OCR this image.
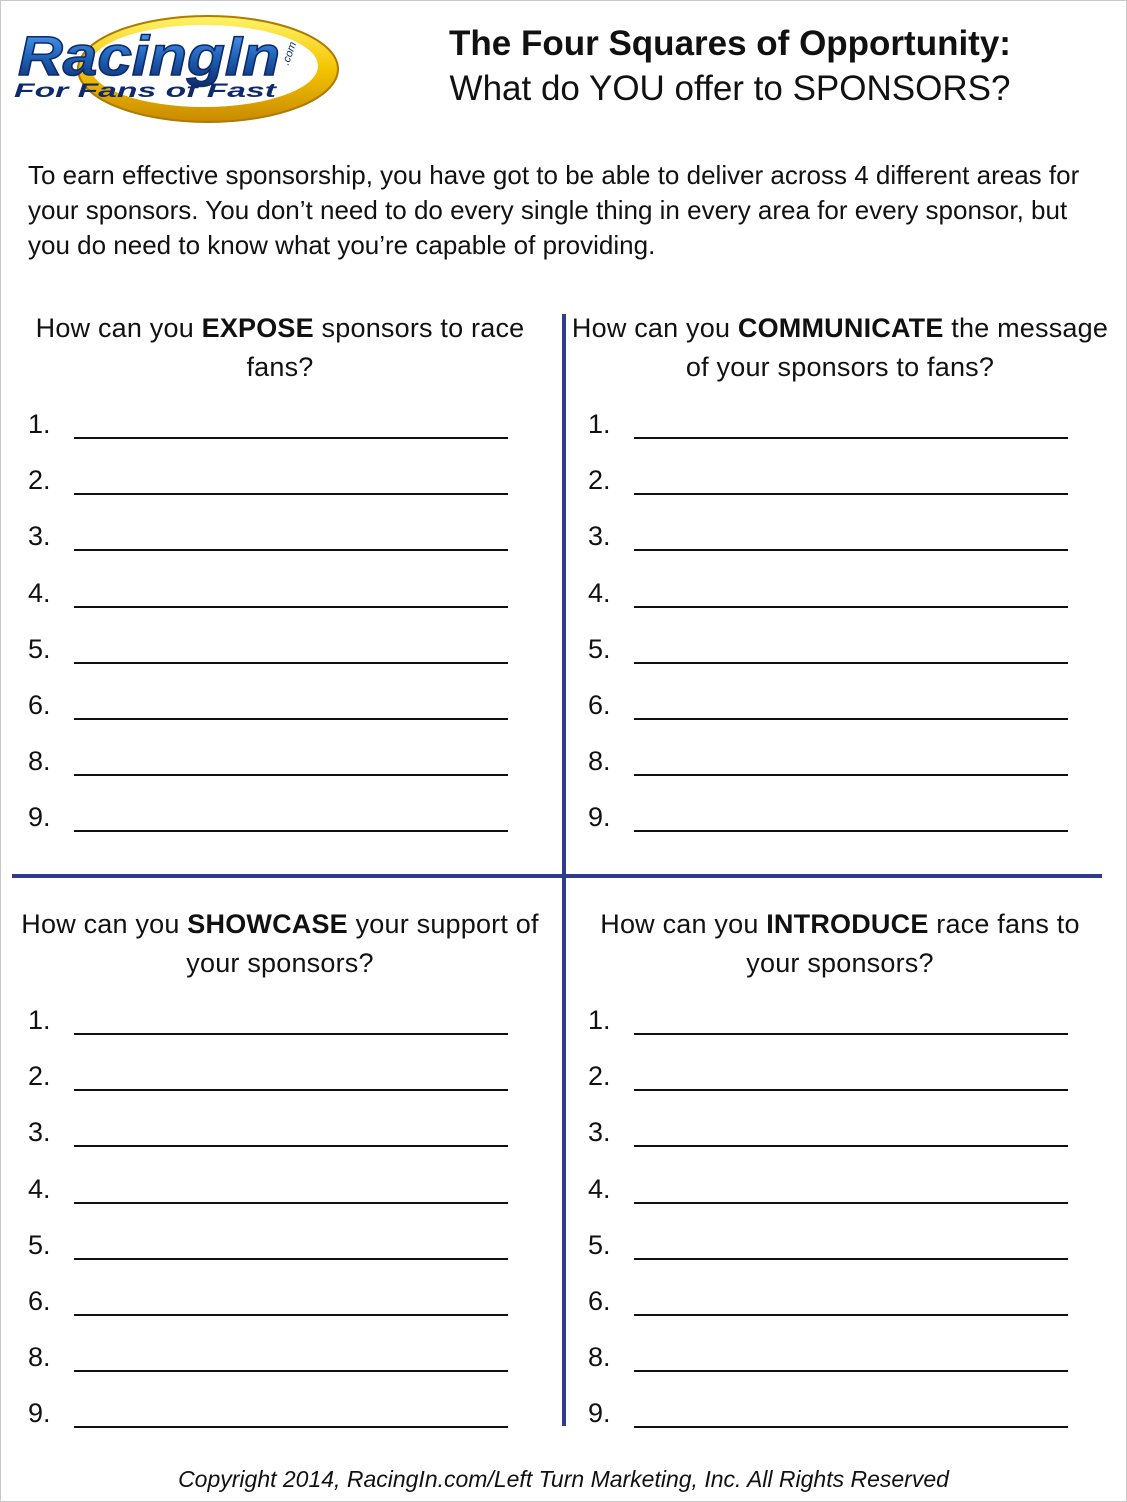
RacingIn .com
For Fans of Fast
The Four Squares of Opportunity:
What do YOU offer to SPONSORS?

To earn effective sponsorship, you have got to be able to deliver across 4 different areas for your sponsors. You don’t need to do every single thing in every area for every sponsor, but you do need to know what you’re capable of providing.

How can you EXPOSE sponsors to race fans?

1.
2.
3.
4.
5.
6.
8.
9.

How can you COMMUNICATE the message of your sponsors to fans?

1.
2.
3.
4.
5.
6.
8.
9.

How can you SHOWCASE your support of your sponsors?

1.
2.
3.
4.
5.
6.
8.
9.

How can you INTRODUCE race fans to your sponsors?

1.
2.
3.
4.
5.
6.
8.
9.
Copyright 2014, RacingIn.com/Left Turn Marketing, Inc. All Rights Reserved
